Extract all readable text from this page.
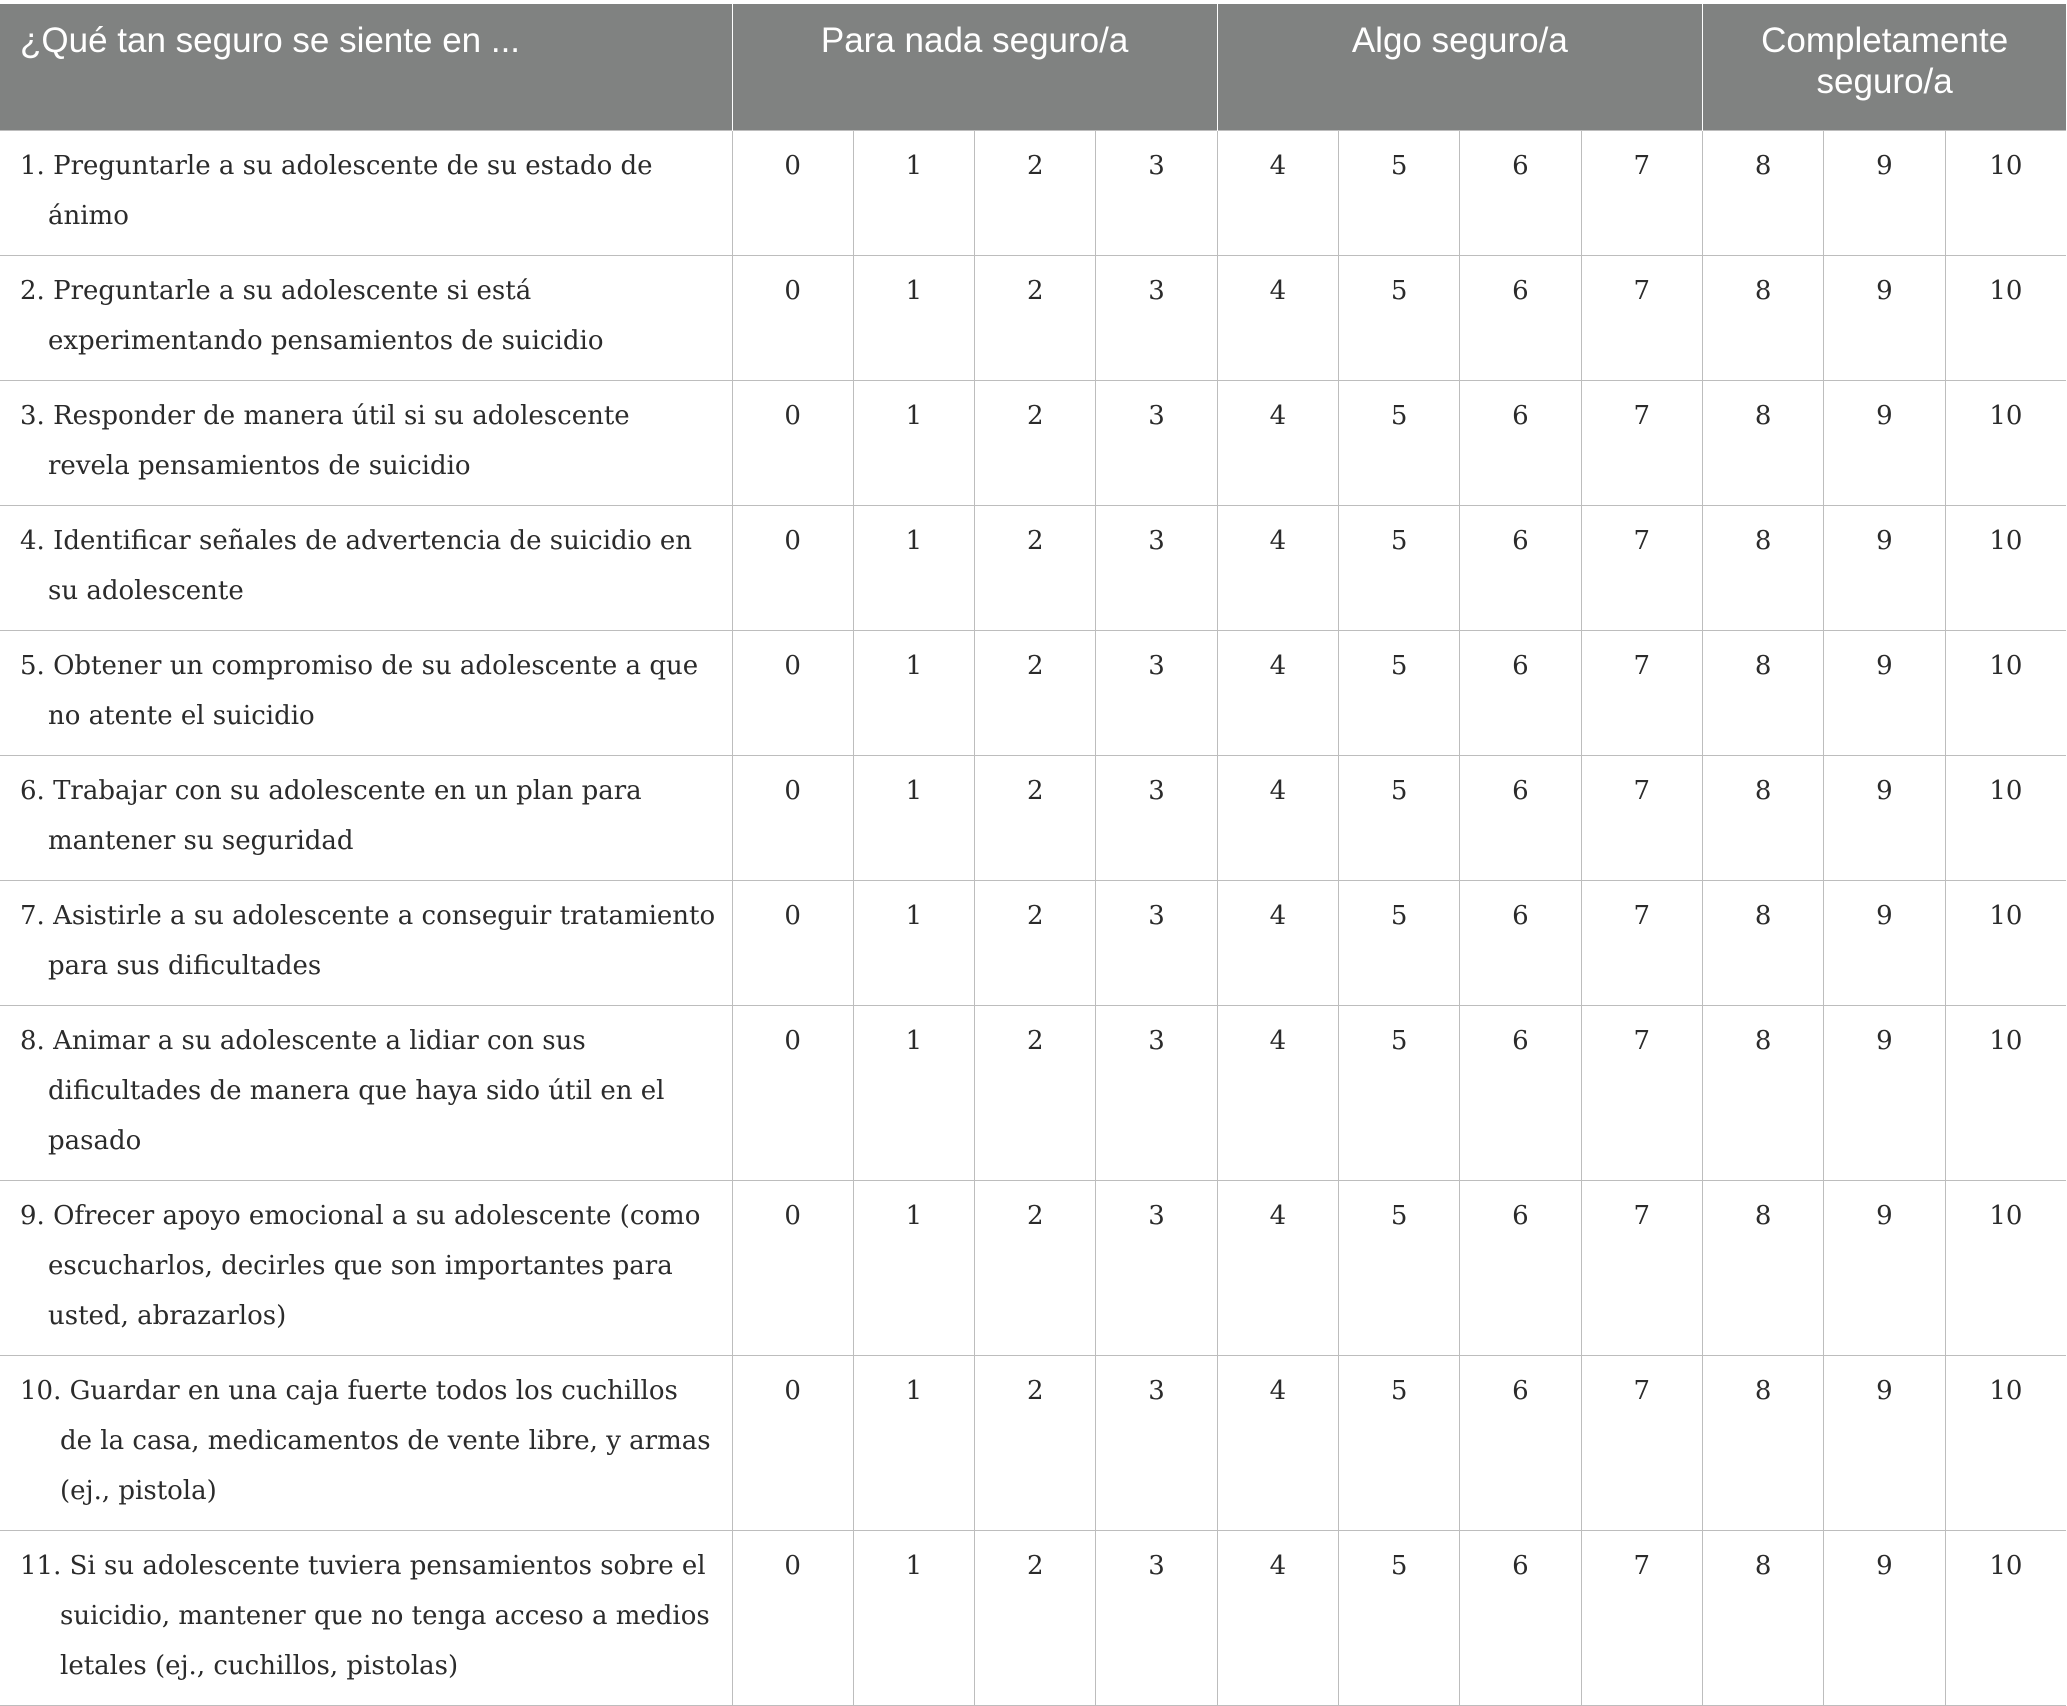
¿Qué tan seguro se siente en ...	Para nada seguro/a				Algo seguro/a				Completamente seguro/a		

1. Preguntarle a su adolescente de su estado de ánimo	0	1	2	3	4	5	6	7	8	9	10

2. Preguntarle a su adolescente si está experimentando pensamientos de suicidio	0	1	2	3	4	5	6	7	8	9	10

3. Responder de manera útil si su adolescente revela pensamientos de suicidio	0	1	2	3	4	5	6	7	8	9	10

4. Identificar señales de advertencia de suicidio en su adolescente	0	1	2	3	4	5	6	7	8	9	10

5. Obtener un compromiso de su adolescente a que no atente el suicidio	0	1	2	3	4	5	6	7	8	9	10

6. Trabajar con su adolescente en un plan para mantener su seguridad	0	1	2	3	4	5	6	7	8	9	10

7. Asistirle a su adolescente a conseguir tratamiento para sus dificultades	0	1	2	3	4	5	6	7	8	9	10

8. Animar a su adolescente a lidiar con sus dificultades de manera que haya sido útil en el pasado	0	1	2	3	4	5	6	7	8	9	10

9. Ofrecer apoyo emocional a su adolescente (como escucharlos, decirles que son importantes para usted, abrazarlos)	0	1	2	3	4	5	6	7	8	9	10

10. Guardar en una caja fuerte todos los cuchillos de la casa, medicamentos de vente libre, y armas (ej., pistola)	0	1	2	3	4	5	6	7	8	9	10

11. Si su adolescente tuviera pensamientos sobre el suicidio, mantener que no tenga acceso a medios letales (ej., cuchillos, pistolas)	0	1	2	3	4	5	6	7	8	9	10
